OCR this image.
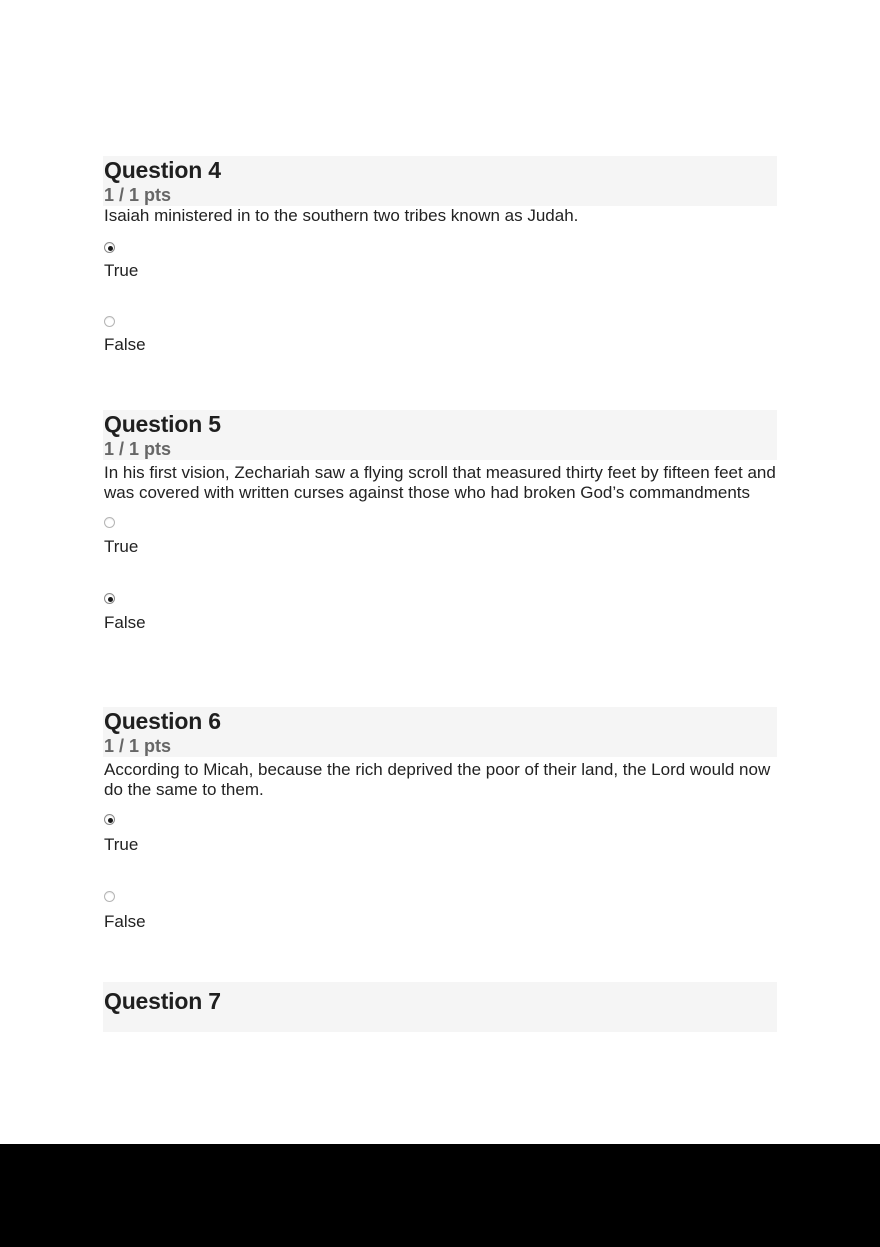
Question 4
1 / 1 pts
Isaiah ministered in to the southern two tribes known as Judah.
True
False
Question 5
1 / 1 pts
In his first vision, Zechariah saw a flying scroll that measured thirty feet by fifteen feet and was covered with written curses against those who had broken God’s commandments
True
False
Question 6
1 / 1 pts
According to Micah, because the rich deprived the poor of their land, the Lord would now do the same to them.
True
False
Question 7
